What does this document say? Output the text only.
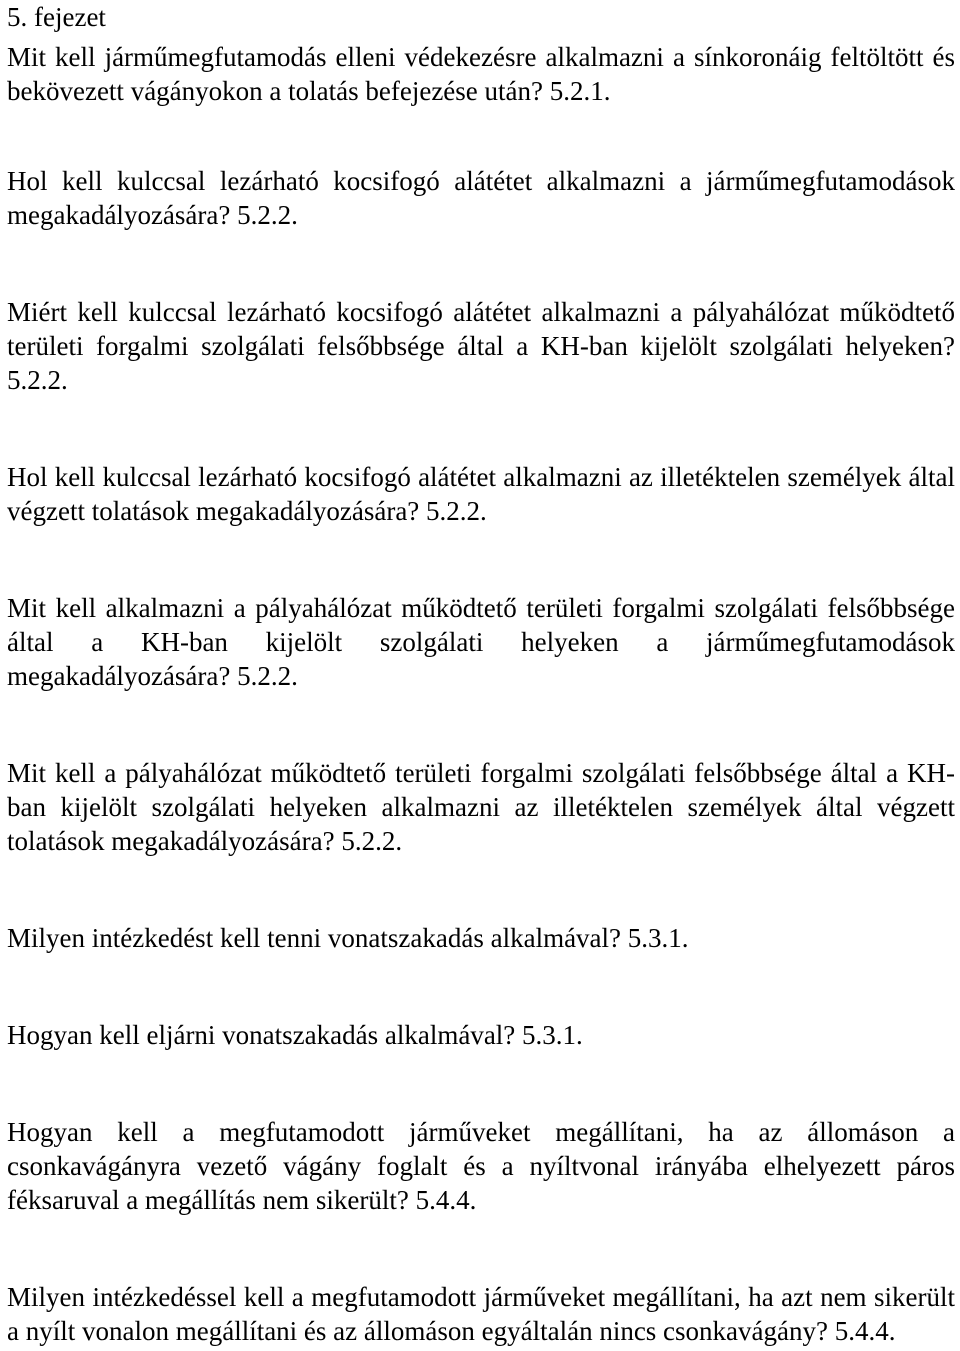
5. fejezet

Mit kell járműmegfutamodás elleni védekezésre alkalmazni a sínkoronáig feltöltött és bekövezett vágányokon a tolatás befejezése után? 5.2.1.

Hol kell kulccsal lezárható kocsifogó alátétet alkalmazni a járműmegfutamodások megakadályozására? 5.2.2.

Miért kell kulccsal lezárható kocsifogó alátétet alkalmazni a pályahálózat működtető területi forgalmi szolgálati felsőbbsége által a KH-ban kijelölt szolgálati helyeken? 5.2.2.

Hol kell kulccsal lezárható kocsifogó alátétet alkalmazni az illetéktelen személyek által végzett tolatások megakadályozására? 5.2.2.

Mit kell alkalmazni a pályahálózat működtető területi forgalmi szolgálati felsőbbsége által a KH-ban kijelölt szolgálati helyeken a járműmegfutamodások megakadályozására? 5.2.2.

Mit kell a pályahálózat működtető területi forgalmi szolgálati felsőbbsége által a KH-ban kijelölt szolgálati helyeken alkalmazni az illetéktelen személyek által végzett tolatások megakadályozására? 5.2.2.

Milyen intézkedést kell tenni vonatszakadás alkalmával? 5.3.1.

Hogyan kell eljárni vonatszakadás alkalmával? 5.3.1.

Hogyan kell a megfutamodott járműveket megállítani, ha az állomáson a csonkavágányra vezető vágány foglalt és a nyíltvonal irányába elhelyezett páros féksaruval a megállítás nem sikerült? 5.4.4.

Milyen intézkedéssel kell a megfutamodott járműveket megállítani, ha azt nem sikerült a nyílt vonalon megállítani és az állomáson egyáltalán nincs csonkavágány? 5.4.4.
